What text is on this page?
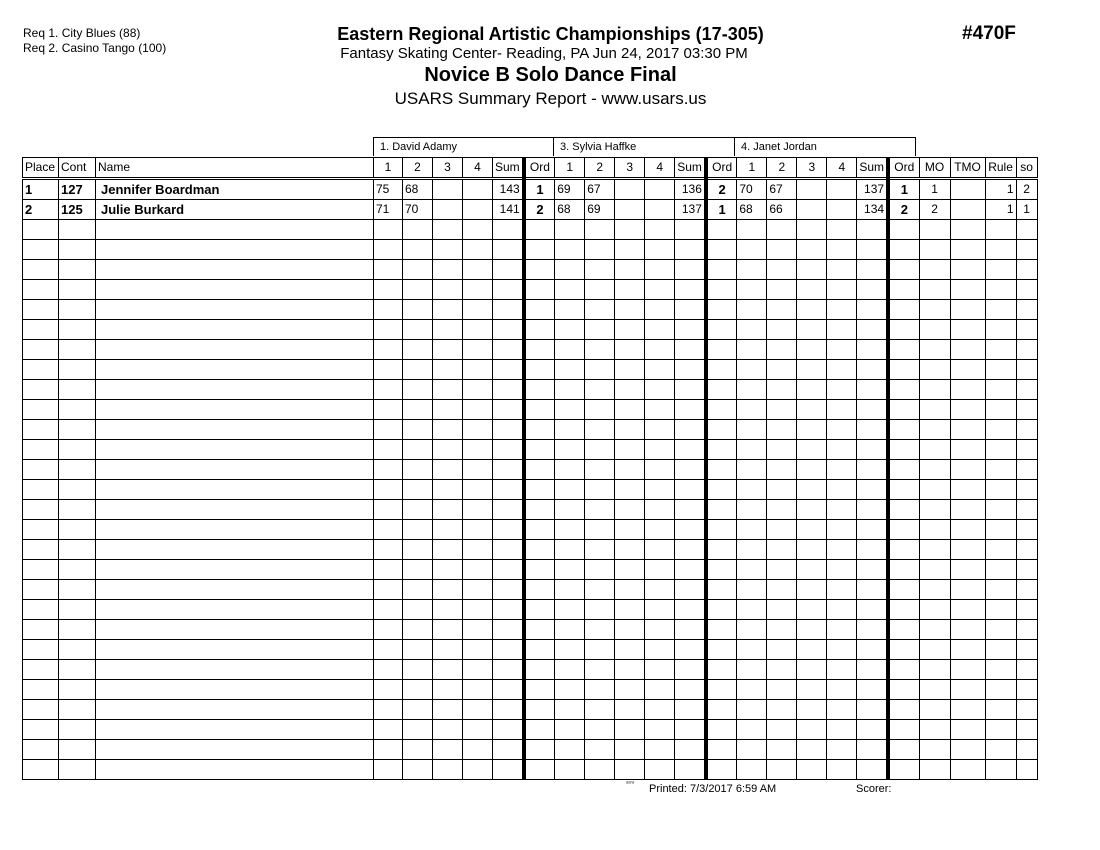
Req 1. City Blues (88)
Req 2. Casino Tango (100)
Eastern Regional Artistic Championships (17-305)
Fantasy Skating Center- Reading, PA Jun 24, 2017 03:30 PM
Novice B Solo Dance Final
USARS Summary Report - www.usars.us
#470F
1. David Adamy	3. Sylvia Haffke	4. Janet Jordan
Place	Cont	Name	1	2	3	4	Sum	Ord	1	2	3	4	Sum	Ord	1	2	3	4	Sum	Ord	MO	TMO	Rule	so
1	127	Jennifer Boardman	75	68			143	1	69	67			136	2	70	67			137	1	1		1	2
2	125	Julie Burkard	71	70			141	2	68	69			137	1	68	66			134	2	2		1	1

ᵃᵃʳᵃ Printed: 7/3/2017 6:59 AM	Scorer:
